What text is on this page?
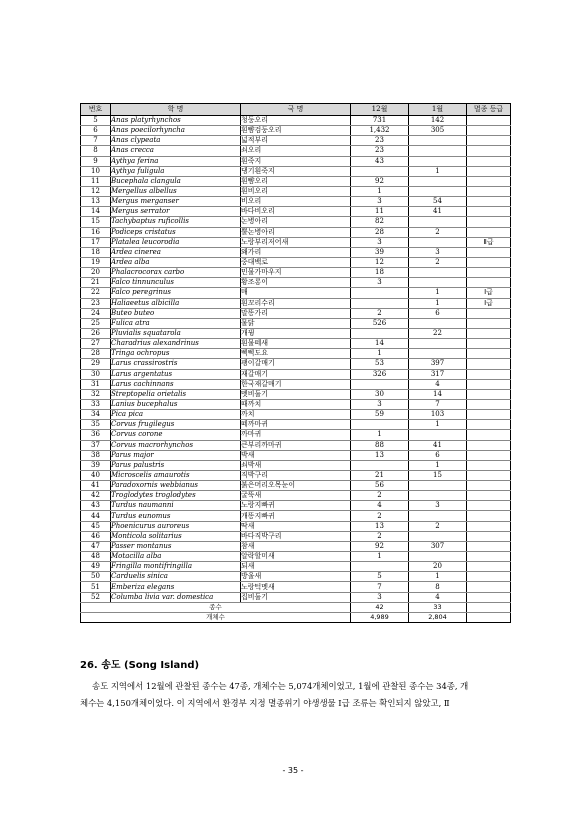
번호	학 명	국 명	12월	1월	멸종 등급
5	Anas platyrhynchos	청둥오리	731	142	
6	Anas poecilorhyncha	흰뺨검둥오리	1,432	305	
7	Anas clypeata	넓적부리	23		
8	Anas crecca	쇠오리	23		
9	Aythya ferina	흰죽지	43		
10	Aythya fuligula	댕기흰죽지		1	
11	Bucephala clangula	흰뺨오리	92		
12	Mergellus albellus	흰비오리	1		
13	Mergus merganser	비오리	3	54	
14	Mergus serrator	바다비오리	11	41	
15	Tachybaptus ruficollis	논병아리	82		
16	Podiceps cristatus	뿔논병아리	28	2	
17	Platalea leucorodia	노랑부리저어새	3		Ⅱ급
18	Ardea cinerea	왜가리	39	3	
19	Ardea alba	중대백로	12	2	
20	Phalacrocorax carbo	민물가마우지	18		
21	Falco tinnunculus	황조롱이	3		
22	Falco peregrinus	매		1	Ⅰ급
23	Haliaeetus albicilla	흰꼬리수리		1	Ⅰ급
24	Buteo buteo	말똥가리	2	6	
25	Fulica atra	물닭	526		
26	Pluvialis squatarola	개꿩		22	
27	Charadrius alexandrinus	흰물떼새	14		
28	Tringa ochropus	삑삑도요	1		
29	Larus crassirostris	괭이갈매기	53	397	
30	Larus argentatus	재갈매기	326	317	
31	Larus cachinnans	한국재갈매기		4	
32	Streptopelia orietalis	멧비둘기	30	14	
33	Lanius bucephalus	때까치	3	7	
34	Pica pica	까치	59	103	
35	Corvus frugilegus	떼까마귀		1	
36	Corvus corone	까마귀	1		
37	Corvus macrorhynchos	큰부리까마귀	88	41	
38	Parus major	박새	13	6	
39	Parus palustris	쇠박새		1	
40	Microscelis amaurotis	직박구리	21	15	
41	Paradoxornis webbianus	붉은머리오목눈이	56		
42	Troglodytes troglodytes	굴뚝새	2		
43	Turdus naumanni	노랑지빠귀	4	3	
44	Turdus eunomus	개똥지빠귀	2		
45	Phoenicurus auroreus	딱새	13	2	
46	Monticola solitarius	바다직박구리	2		
47	Passer montanus	참새	92	307	
48	Motacilla alba	알락할미새	1		
49	Fringilla montifringilla	되새		20	
50	Carduelis sinica	방울새	5	1	
51	Emberiza elegans	노랑턱멧새	7	8	
52	Columba livia var. domestica	집비둘기	3	4	
종수			42	33	
개체수			4,989	2,804	
26. 송도 (Song Island)
송도 지역에서 12월에 관찰된 종수는 47종, 개체수는 5,074개체이었고, 1월에 관찰된 종수는 34종, 개
체수는 4,150개체이었다. 이 지역에서 환경부 지정 멸종위기 야생생물 Ⅰ급 조류는 확인되지 않았고, Ⅱ
- 35 -
